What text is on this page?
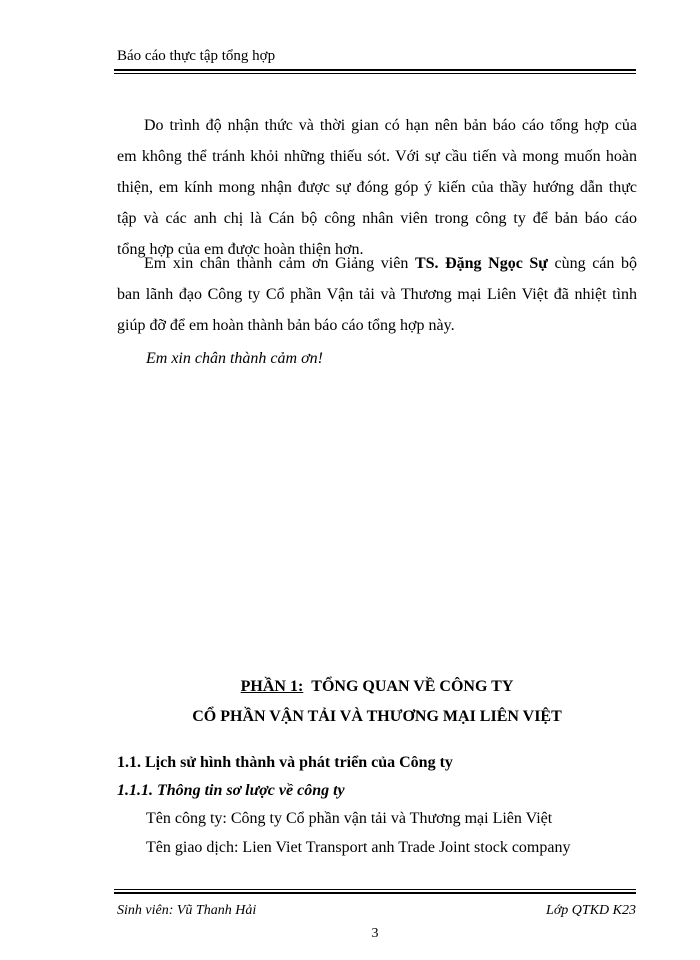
Báo cáo thực tập tổng hợp
Do trình độ nhận thức và thời gian có hạn nên bản báo cáo tổng hợp của
em không thể tránh khỏi những thiếu sót. Với sự cầu tiến và mong muốn hoàn
thiện, em kính mong nhận được sự đóng góp ý kiến của thầy hướng dẫn thực
tập và các anh chị là Cán bộ công nhân viên trong công ty để bản báo cáo
tổng hợp của em được hoàn thiện hơn.
Em xin chân thành cảm ơn Giảng viên TS. Đặng Ngọc Sự cùng cán bộ
ban lãnh đạo Công ty Cổ phần Vận tải và Thương mại Liên Việt đã nhiệt tình
giúp đỡ để em hoàn thành bản báo cáo tổng hợp này.
Em xin chân thành cảm ơn!
PHẦN 1: TỔNG QUAN VỀ CÔNG TY
CỔ PHẦN VẬN TẢI VÀ THƯƠNG MẠI LIÊN VIỆT
1.1. Lịch sử hình thành và phát triển của Công ty
1.1.1. Thông tin sơ lược về công ty
Tên công ty: Công ty Cổ phần vận tải và Thương mại Liên Việt
Tên giao dịch: Lien Viet Transport anh Trade Joint stock company
Sinh viên: Vũ Thanh Hải	Lớp QTKD K23
3
